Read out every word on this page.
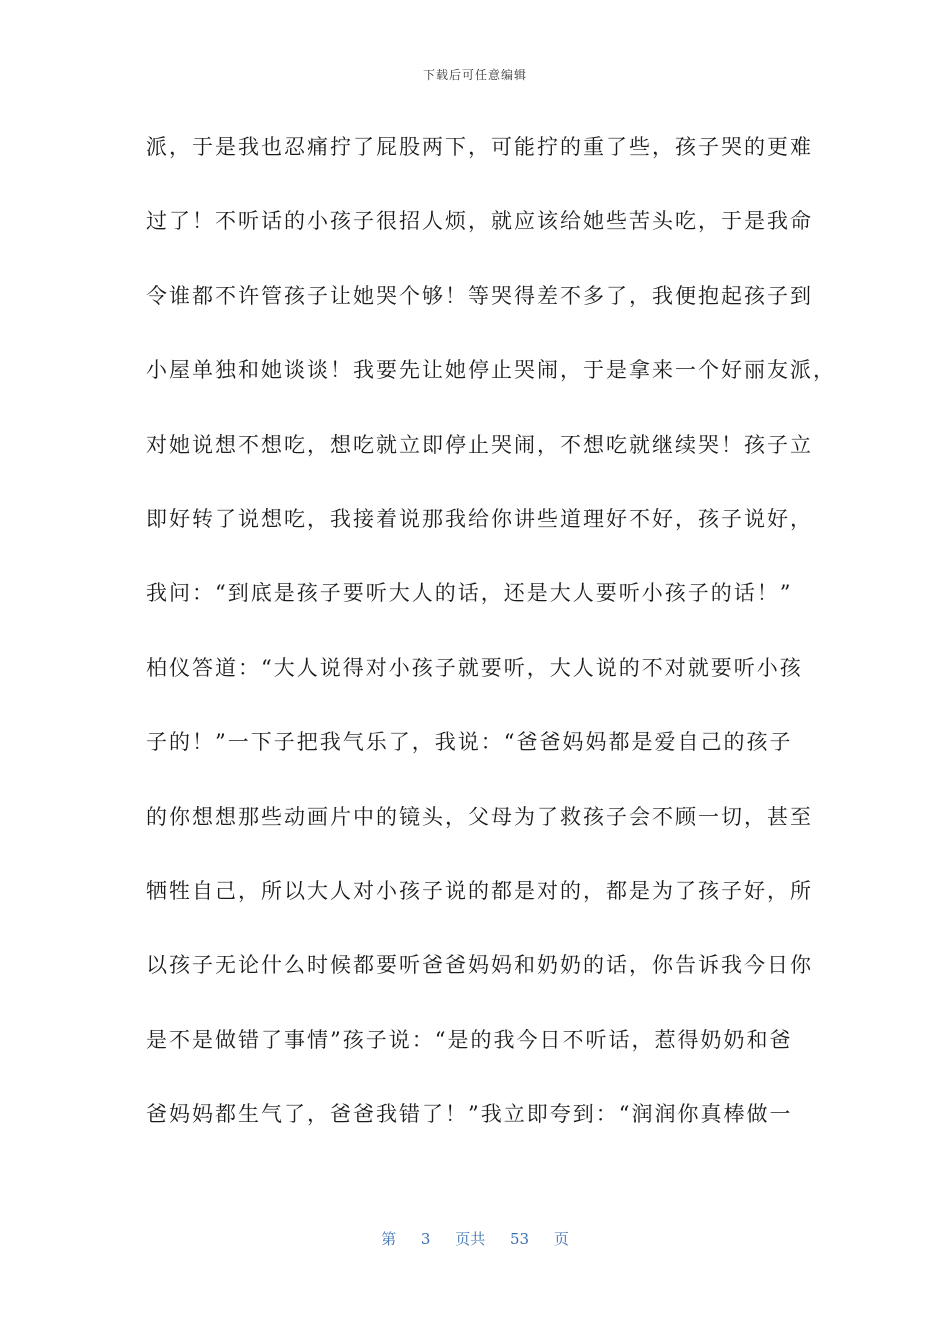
下载后可任意编辑
派，于是我也忍痛拧了屁股两下，可能拧的重了些，孩子哭的更难
过了！不听话的小孩子很招人烦，就应该给她些苦头吃，于是我命
令谁都不许管孩子让她哭个够！等哭得差不多了，我便抱起孩子到
小屋单独和她谈谈！我要先让她停止哭闹，于是拿来一个好丽友派，
对她说想不想吃，想吃就立即停止哭闹，不想吃就继续哭！孩子立
即好转了说想吃，我接着说那我给你讲些道理好不好，孩子说好，
我问：“到底是孩子要听大人的话，还是大人要听小孩子的话！”
柏仪答道：“大人说得对小孩子就要听，大人说的不对就要听小孩
子的！”一下子把我气乐了，我说：“爸爸妈妈都是爱自己的孩子
的你想想那些动画片中的镜头，父母为了救孩子会不顾一切，甚至
牺牲自己，所以大人对小孩子说的都是对的，都是为了孩子好，所
以孩子无论什么时候都要听爸爸妈妈和奶奶的话，你告诉我今日你
是不是做错了事情”孩子说：“是的我今日不听话，惹得奶奶和爸
爸妈妈都生气了，爸爸我错了！”我立即夸到：“润润你真棒做一
第 3 页共 53 页
